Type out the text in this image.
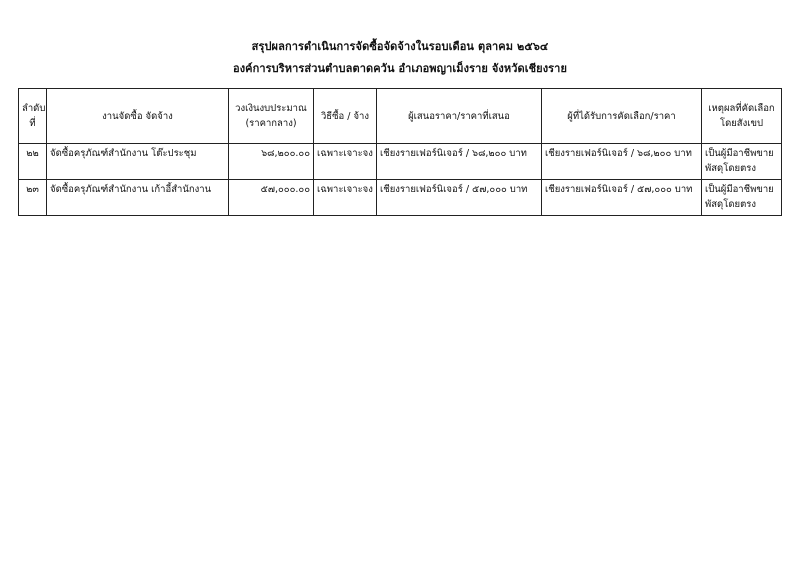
สรุปผลการดำเนินการจัดซื้อจัดจ้างในรอบเดือน ตุลาคม ๒๕๖๔
องค์การบริหารส่วนตำบลตาดควัน อำเภอพญาเม็งราย จังหวัดเชียงราย
ลำดับที่	งานจัดซื้อ จัดจ้าง	วงเงินงบประมาณ (ราคากลาง)	วิธีซื้อ / จ้าง	ผู้เสนอราคา/ราคาที่เสนอ	ผู้ที่ได้รับการคัดเลือก/ราคา	เหตุผลที่คัดเลือก โดยสังเขป
๒๒	จัดซื้อครุภัณฑ์สำนักงาน โต๊ะประชุม	๖๘,๒๐๐.๐๐	เฉพาะเจาะจง	เชียงรายเฟอร์นิเจอร์ / ๖๘,๒๐๐ บาท	เชียงรายเฟอร์นิเจอร์ / ๖๘,๒๐๐ บาท	เป็นผู้มีอาชีพขายพัสดุโดยตรง
๒๓	จัดซื้อครุภัณฑ์สำนักงาน เก้าอี้สำนักงาน	๕๗,๐๐๐.๐๐	เฉพาะเจาะจง	เชียงรายเฟอร์นิเจอร์ / ๕๗,๐๐๐ บาท	เชียงรายเฟอร์นิเจอร์ / ๕๗,๐๐๐ บาท	เป็นผู้มีอาชีพขายพัสดุโดยตรง
